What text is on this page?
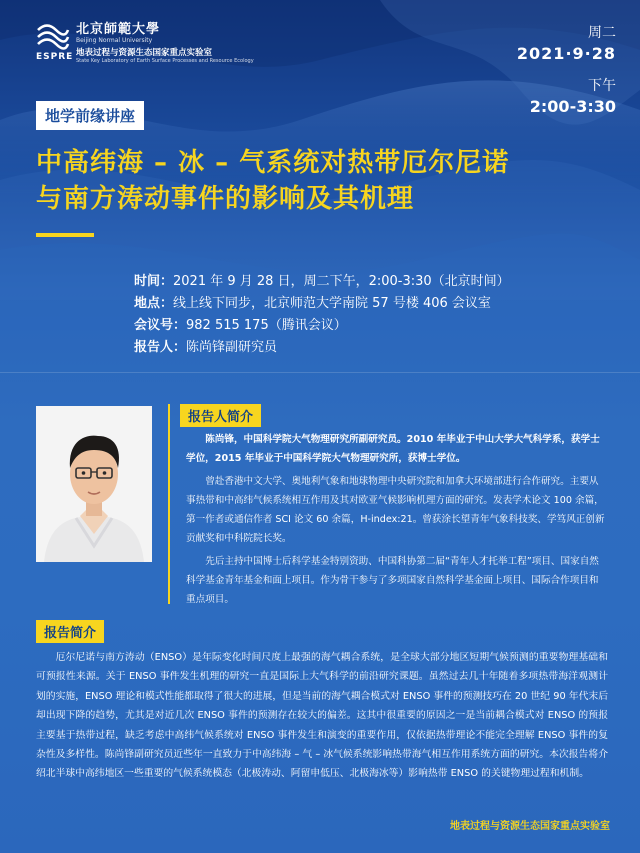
北京師範大學
Beijing Normal University
地表过程与资源生态国家重点实验室
State Key Laboratory of Earth Surface Processes and Resource Ecology
ESPRE
周二
2021·9·28
下午
2:00-3:30
地学前缘讲座
中高纬海 – 冰 – 气系统对热带厄尔尼诺
与南方涛动事件的影响及其机理
时间：2021 年 9 月 28 日，周二下午，2:00-3:30（北京时间）
地点：线上线下同步，北京师范大学南院 57 号楼 406 会议室
会议号：982 515 175（腾讯会议）
报告人：陈尚锋副研究员
报告人简介

陈尚锋，中国科学院大气物理研究所副研究员。2010 年毕业于中山大学大气科学系，获学士学位，2015 年毕业于中国科学院大气物理研究所，获博士学位。

曾赴香港中文大学、奥地利气象和地球物理中央研究院和加拿大环境部进行合作研究。主要从事热带和中高纬气候系统相互作用及其对欧亚气候影响机理方面的研究。发表学术论文 100 余篇，第一作者或通信作者 SCI 论文 60 余篇，H-index:21。曾获涂长望青年气象科技奖、学笃风正创新贡献奖和中科院院长奖。

先后主持中国博士后科学基金特别资助、中国科协第二届“青年人才托举工程”项目、国家自然科学基金青年基金和面上项目。作为骨干参与了多项国家自然科学基金面上项目、国际合作项目和重点项目。

报告简介
厄尔尼诺与南方涛动（ENSO）是年际变化时间尺度上最强的海气耦合系统，是全球大部分地区短期气候预测的重要物理基础和可预报性来源。关于 ENSO 事件发生机理的研究一直是国际上大气科学的前沿研究课题。虽然过去几十年随着多项热带海洋观测计划的实施，ENSO 理论和模式性能都取得了很大的进展，但是当前的海气耦合模式对 ENSO 事件的预测技巧在 20 世纪 90 年代末后却出现下降的趋势，尤其是对近几次 ENSO 事件的预测存在较大的偏差。这其中很重要的原因之一是当前耦合模式对 ENSO 的预报主要基于热带过程，缺乏考虑中高纬气候系统对 ENSO 事件发生和演变的重要作用，仅依据热带理论不能完全理解 ENSO 事件的复杂性及多样性。陈尚锋副研究员近些年一直致力于中高纬海 – 气 – 冰气候系统影响热带海气相互作用系统方面的研究。本次报告将介绍北半球中高纬地区一些重要的气候系统模态（北极涛动、阿留申低压、北极海冰等）影响热带 ENSO 的关键物理过程和机制。
地表过程与资源生态国家重点实验室
